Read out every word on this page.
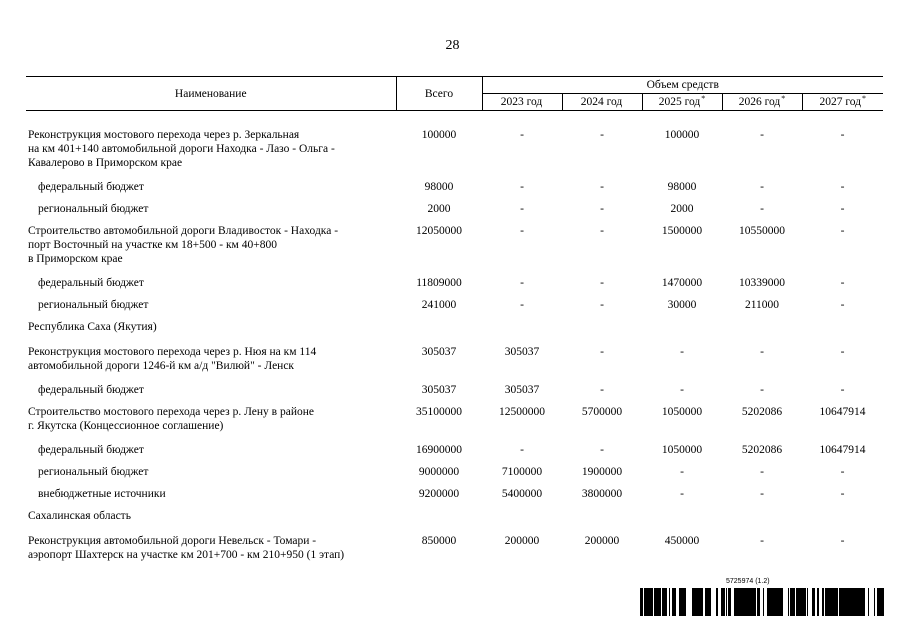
28
Наименование	Всего	Объем средств				
		2023 год	2024 год	2025 год*	2026 год*	2027 год*

Реконструкция мостового перехода через р. Зеркальная
на км 401+140 автомобильной дороги Находка - Лазо - Ольга -
Кавалерово в Приморском крае	100000	-	-	100000	-	-
федеральный бюджет	98000	-	-	98000	-	-
региональный бюджет	2000	-	-	2000	-	-
Строительство автомобильной дороги Владивосток - Находка -
порт Восточный на участке км 18+500 - км 40+800
в Приморском крае	12050000	-	-	1500000	10550000	-
федеральный бюджет	11809000	-	-	1470000	10339000	-
региональный бюджет	241000	-	-	30000	211000	-
Республика Саха (Якутия)						
Реконструкция мостового перехода через р. Нюя на км 114
автомобильной дороги 1246-й км а/д "Вилюй" - Ленск	305037	305037	-	-	-	-
федеральный бюджет	305037	305037	-	-	-	-
Строительство мостового перехода через р. Лену в районе
г. Якутска (Концессионное соглашение)	35100000	12500000	5700000	1050000	5202086	10647914
федеральный бюджет	16900000	-	-	1050000	5202086	10647914
региональный бюджет	9000000	7100000	1900000	-	-	-
внебюджетные источники	9200000	5400000	3800000	-	-	-
Сахалинская область						
Реконструкция автомобильной дороги Невельск - Томари -
аэропорт Шахтерск на участке км 201+700 - км 210+950 (1 этап)	850000	200000	200000	450000	-	-
5725974 (1.2)
